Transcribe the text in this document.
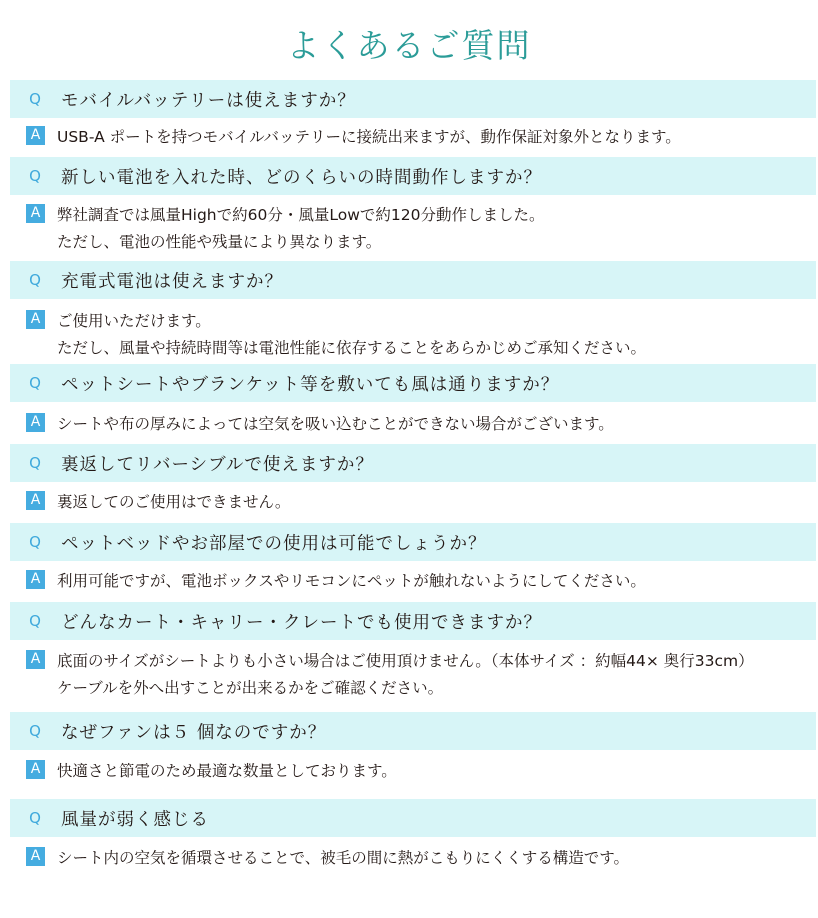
よくあるご質問
Q モバイルバッテリーは使えますか？
A	USB-A ポートを持つモバイルバッテリーに接続出来ますが、動作保証対象外となります。
Q 新しい電池を入れた時、どのくらいの時間動作しますか？
A	弊社調査では風量Highで約60分・風量Lowで約120分動作しました。
ただし、電池の性能や残量により異なります。
Q 充電式電池は使えますか？
A	ご使用いただけます。
ただし、風量や持続時間等は電池性能に依存することをあらかじめご承知ください。
Q ペットシートやブランケット等を敷いても風は通りますか？
A	シートや布の厚みによっては空気を吸い込むことができない場合がございます。
Q 裏返してリバーシブルで使えますか？
A	裏返してのご使用はできません。
Q ペットベッドやお部屋での使用は可能でしょうか？
A	利用可能ですが、電池ボックスやリモコンにペットが触れないようにしてください。
Q どんなカート・キャリー・クレートでも使用できますか？
A	底面のサイズがシートよりも小さい場合はご使用頂けません。（本体サイズ ：約幅44× 奥行33cm）
ケーブルを外へ出すことが出来るかをご確認ください。
Q なぜファンは５ 個なのですか？
A	快適さと節電のため最適な数量としております。
Q 風量が弱く感じる
A	シート内の空気を循環させることで、被毛の間に熱がこもりにくくする構造です。
